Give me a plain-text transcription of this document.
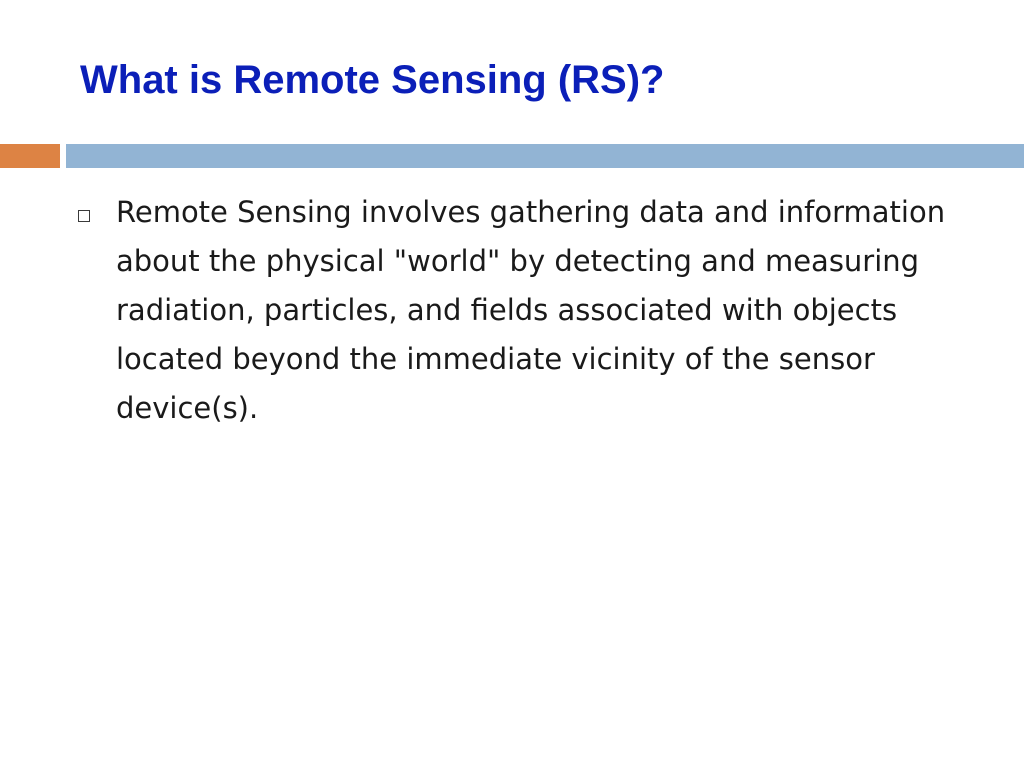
What is Remote Sensing (RS)?
Remote Sensing involves gathering data and information about the physical "world" by detecting and measuring radiation, particles, and fields associated with objects located beyond the immediate vicinity of the sensor device(s).
